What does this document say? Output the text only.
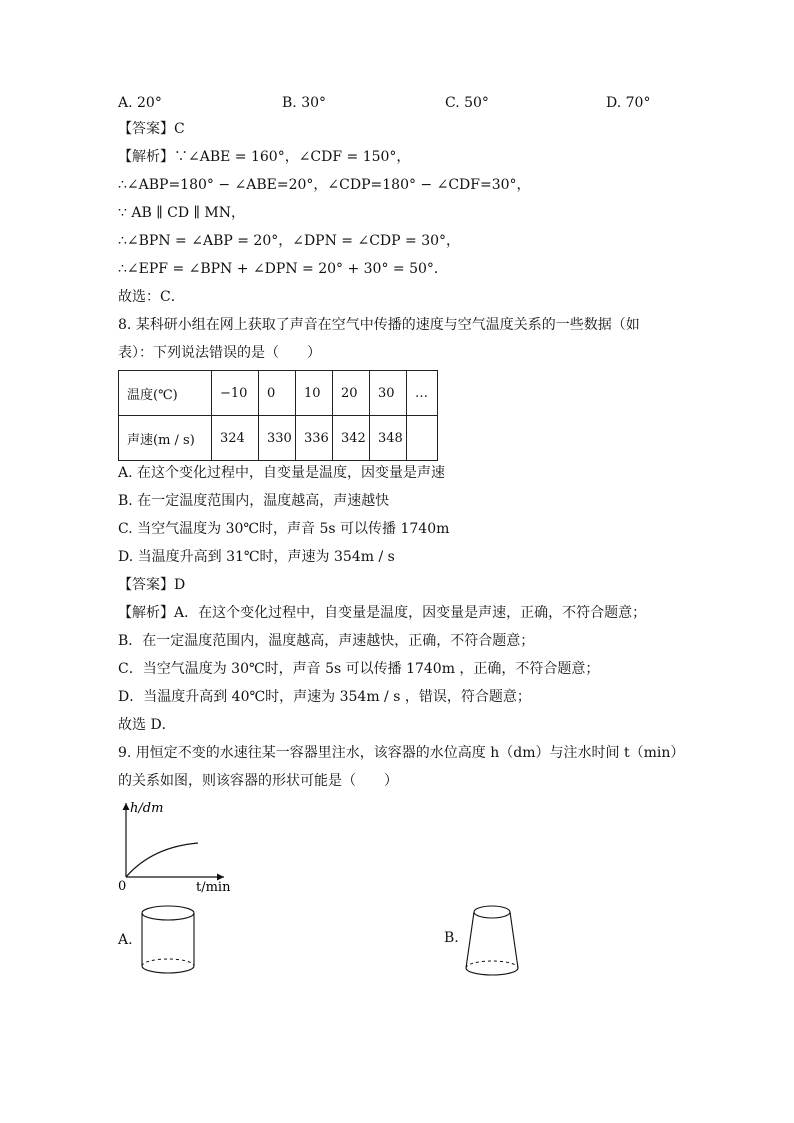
A. 20°	B. 30°	C. 50°	D. 70°
【答案】C
【解析】∵∠ABE = 160°，∠CDF = 150°，
∴∠ABP=180° − ∠ABE=20°，∠CDP=180° − ∠CDF=30°，
∵ AB ∥ CD ∥ MN，
∴∠BPN = ∠ABP = 20°，∠DPN = ∠CDP = 30°，
∴∠EPF = ∠BPN + ∠DPN = 20° + 30° = 50°．
故选：C．
8. 某科研小组在网上获取了声音在空气中传播的速度与空气温度关系的一些数据（如
表）：下列说法错误的是（　　）
温度(℃)	−10	0	10	20	30	…
声速(m / s)	324	330	336	342	348	
A. 在这个变化过程中，自变量是温度，因变量是声速
B. 在一定温度范围内，温度越高，声速越快
C. 当空气温度为 30℃时，声音 5s 可以传播 1740m
D. 当温度升高到 31℃时，声速为 354m / s
【答案】D
【解析】A．在这个变化过程中，自变量是温度，因变量是声速，正确，不符合题意；
B．在一定温度范围内，温度越高，声速越快，正确，不符合题意；
C．当空气温度为 30℃时，声音 5s 可以传播 1740m ，正确，不符合题意；
D．当温度升高到 40℃时，声速为 354m / s ，错误，符合题意；
故选 D．
9. 用恒定不变的水速往某一容器里注水，该容器的水位高度 h（dm）与注水时间 t（min）
的关系如图，则该容器的形状可能是（　　）
h/dm
0	t/min
A.	B.
